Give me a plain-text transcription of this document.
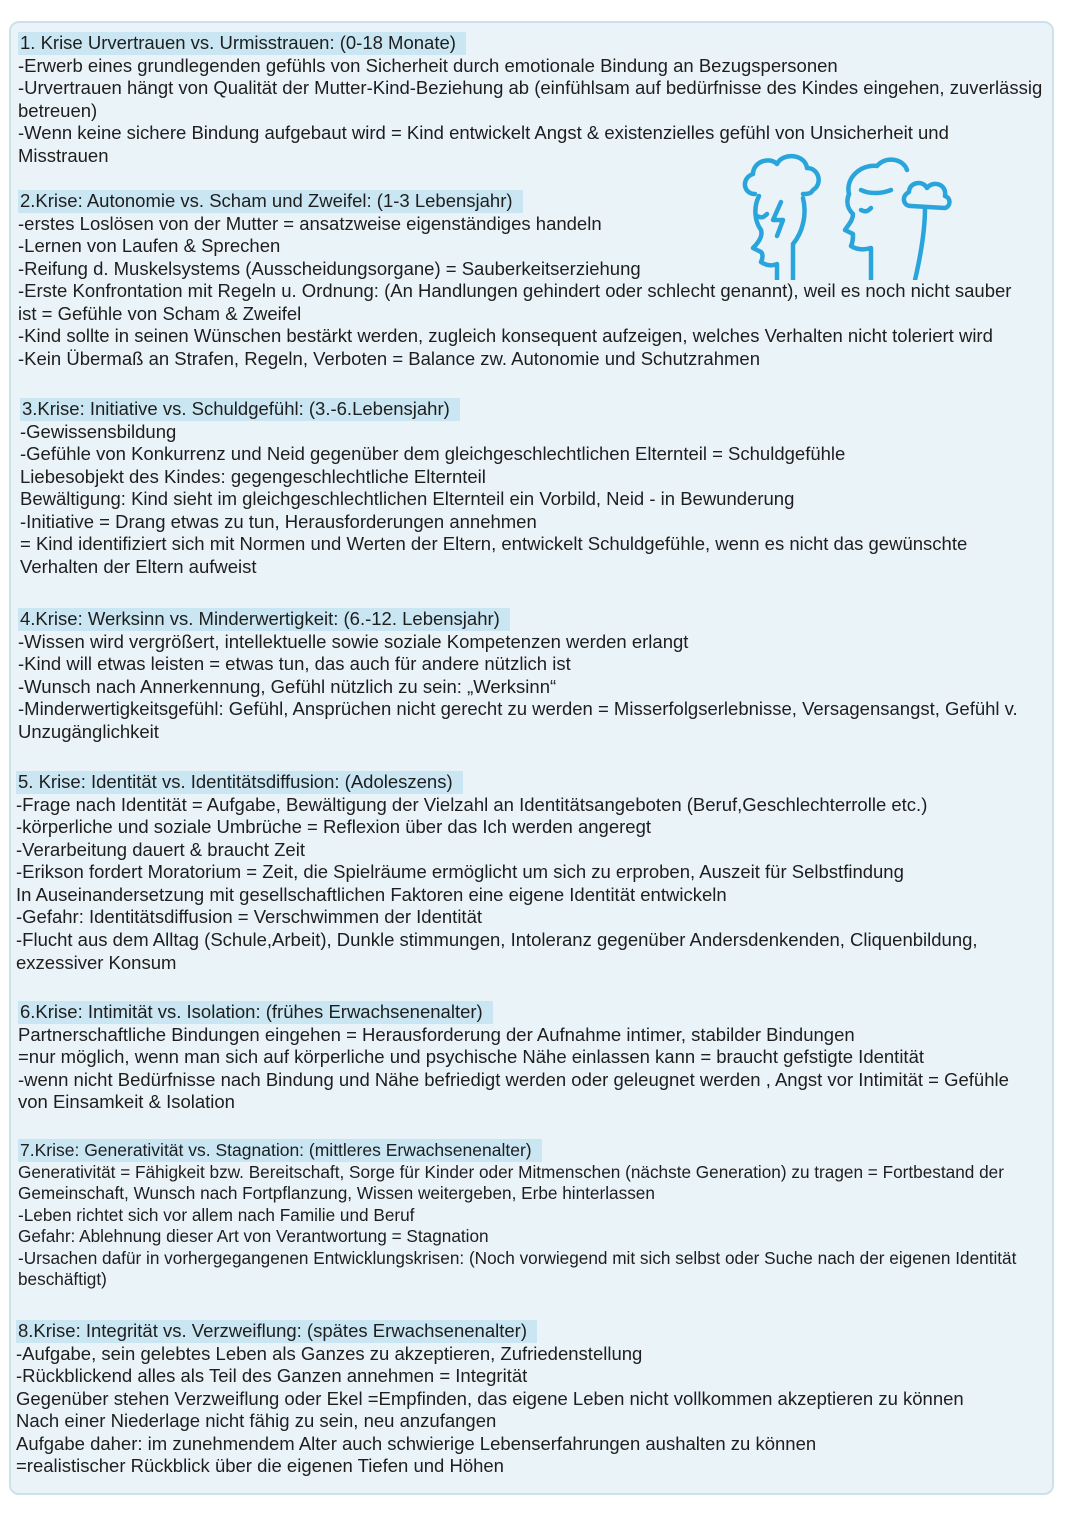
1. Krise Urvertrauen vs. Urmisstrauen: (0-18 Monate)
-Erwerb eines grundlegenden gefühls von Sicherheit durch emotionale Bindung an Bezugspersonen
-Urvertrauen hängt von Qualität der Mutter-Kind-Beziehung ab (einfühlsam auf bedürfnisse des Kindes eingehen, zuverlässig
betreuen)
-Wenn keine sichere Bindung aufgebaut wird = Kind entwickelt Angst & existenzielles gefühl von Unsicherheit und
Misstrauen
2.Krise: Autonomie vs. Scham und Zweifel: (1-3 Lebensjahr)
-erstes Loslösen von der Mutter = ansatzweise eigenständiges handeln
-Lernen von Laufen & Sprechen
-Reifung d. Muskelsystems (Ausscheidungsorgane) = Sauberkeitserziehung
-Erste Konfrontation mit Regeln u. Ordnung: (An Handlungen gehindert oder schlecht genannt), weil es noch nicht sauber
ist = Gefühle von Scham & Zweifel
-Kind sollte in seinen Wünschen bestärkt werden, zugleich konsequent aufzeigen, welches Verhalten nicht toleriert wird
-Kein Übermaß an Strafen, Regeln, Verboten = Balance zw. Autonomie und Schutzrahmen
3.Krise: Initiative vs. Schuldgefühl: (3.-6.Lebensjahr)
-Gewissensbildung
-Gefühle von Konkurrenz und Neid gegenüber dem gleichgeschlechtlichen Elternteil = Schuldgefühle
Liebesobjekt des Kindes: gegengeschlechtliche Elternteil
Bewältigung: Kind sieht im gleichgeschlechtlichen Elternteil ein Vorbild, Neid - in Bewunderung
-Initiative = Drang etwas zu tun, Herausforderungen annehmen
= Kind identifiziert sich mit Normen und Werten der Eltern, entwickelt Schuldgefühle, wenn es nicht das gewünschte
Verhalten der Eltern aufweist
4.Krise: Werksinn vs. Minderwertigkeit: (6.-12. Lebensjahr)
-Wissen wird vergrößert, intellektuelle sowie soziale Kompetenzen werden erlangt
-Kind will etwas leisten = etwas tun, das auch für andere nützlich ist
-Wunsch nach Annerkennung, Gefühl nützlich zu sein: „Werksinn“
-Minderwertigkeitsgefühl: Gefühl, Ansprüchen nicht gerecht zu werden = Misserfolgserlebnisse, Versagensangst, Gefühl v.
Unzugänglichkeit
5. Krise: Identität vs. Identitätsdiffusion: (Adoleszens)
-Frage nach Identität = Aufgabe, Bewältigung der Vielzahl an Identitätsangeboten (Beruf,Geschlechterrolle etc.)
-körperliche und soziale Umbrüche = Reflexion über das Ich werden angeregt
-Verarbeitung dauert & braucht Zeit
-Erikson fordert Moratorium = Zeit, die Spielräume ermöglicht um sich zu erproben, Auszeit für Selbstfindung
In Auseinandersetzung mit gesellschaftlichen Faktoren eine eigene Identität entwickeln
-Gefahr: Identitätsdiffusion = Verschwimmen der Identität
-Flucht aus dem Alltag (Schule,Arbeit), Dunkle stimmungen, Intoleranz gegenüber Andersdenkenden, Cliquenbildung,
exzessiver Konsum
6.Krise: Intimität vs. Isolation: (frühes Erwachsenenalter)
Partnerschaftliche Bindungen eingehen = Herausforderung der Aufnahme intimer, stabilder Bindungen
=nur möglich, wenn man sich auf körperliche und psychische Nähe einlassen kann = braucht gefstigte Identität
-wenn nicht Bedürfnisse nach Bindung und Nähe befriedigt werden oder geleugnet werden , Angst vor Intimität = Gefühle
von Einsamkeit & Isolation
7.Krise: Generativität vs. Stagnation: (mittleres Erwachsenenalter)
Generativität = Fähigkeit bzw. Bereitschaft, Sorge für Kinder oder Mitmenschen (nächste Generation) zu tragen = Fortbestand der
Gemeinschaft, Wunsch nach Fortpflanzung, Wissen weitergeben, Erbe hinterlassen
-Leben richtet sich vor allem nach Familie und Beruf
Gefahr: Ablehnung dieser Art von Verantwortung = Stagnation
-Ursachen dafür in vorhergegangenen Entwicklungskrisen: (Noch vorwiegend mit sich selbst oder Suche nach der eigenen Identität
beschäftigt)
8.Krise: Integrität vs. Verzweiflung: (spätes Erwachsenenalter)
-Aufgabe, sein gelebtes Leben als Ganzes zu akzeptieren, Zufriedenstellung
-Rückblickend alles als Teil des Ganzen annehmen = Integrität
Gegenüber stehen Verzweiflung oder Ekel =Empfinden, das eigene Leben nicht vollkommen akzeptieren zu können
Nach einer Niederlage nicht fähig zu sein, neu anzufangen
Aufgabe daher: im zunehmendem Alter auch schwierige Lebenserfahrungen aushalten zu können
=realistischer Rückblick über die eigenen Tiefen und Höhen
